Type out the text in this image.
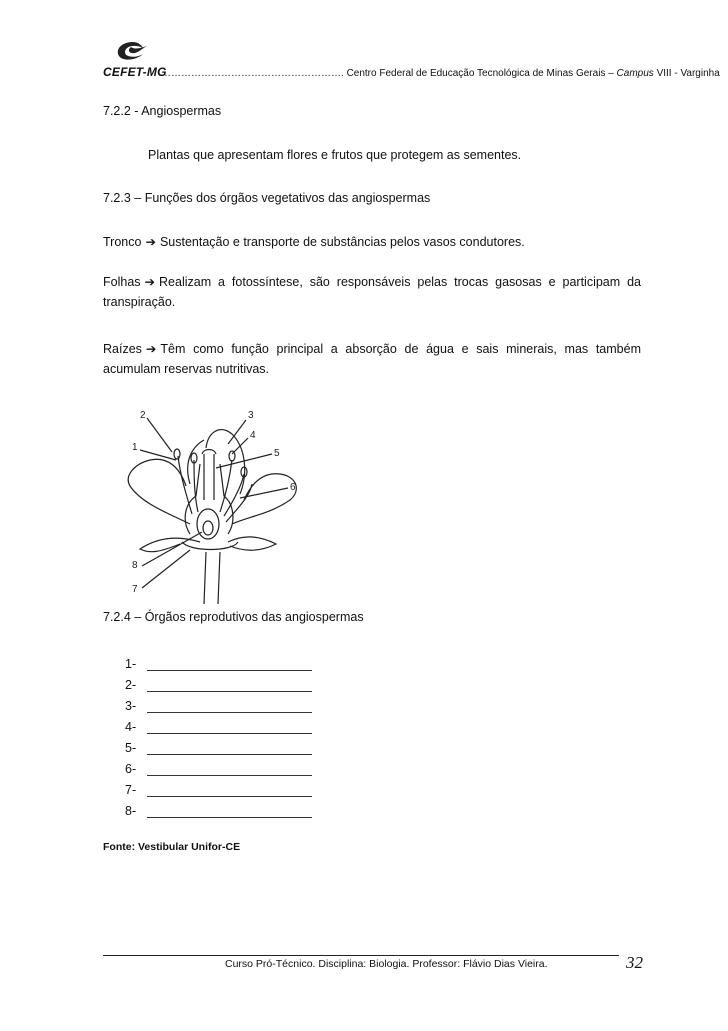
CEFET-MG
………………………………………………. Centro Federal de Educação Tecnológica de Minas Gerais – Campus VIII - Varginha
7.2.2 - Angiospermas
Plantas que apresentam flores e frutos que protegem as sementes.
7.2.3 – Funções dos órgãos vegetativos das angiospermas
Tronco ➔ Sustentação e transporte de substâncias pelos vasos condutores.
Folhas ➔ Realizam a fotossíntese, são responsáveis pelas trocas gasosas e participam da transpiração.
Raízes ➔ Têm como função principal a absorção de água e sais minerais, mas também acumulam reservas nutritivas.
2
1
3
4
5
6
8
7
7.2.4 – Órgãos reprodutivos das angiospermas
1-
2-
3-
4-
5-
6-
7-
8-
Fonte: Vestibular Unifor-CE
Curso Pró-Técnico. Disciplina: Biologia. Professor: Flávio Dias Vieira.	32
